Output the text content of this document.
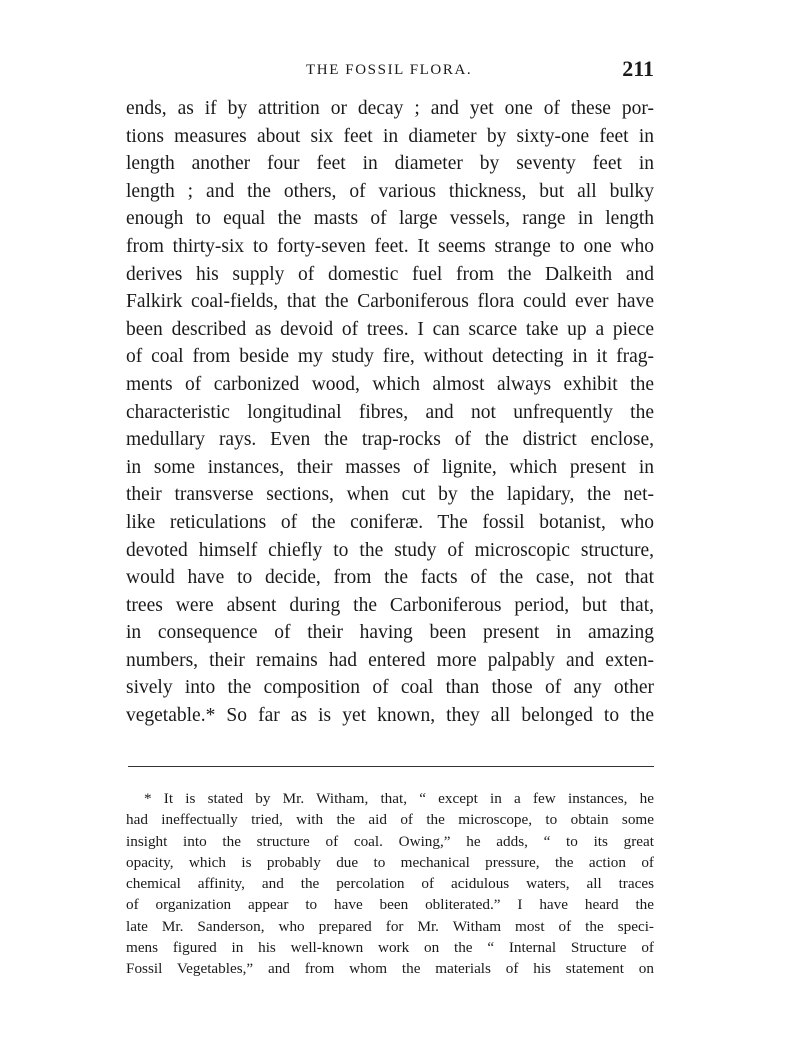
THE FOSSIL FLORA.	211
ends, as if by attrition or decay ; and yet one of these por-
tions measures about six feet in diameter by sixty-one feet in
length another four feet in diameter by seventy feet in
length ; and the others, of various thickness, but all bulky
enough to equal the masts of large vessels, range in length
from thirty-six to forty-seven feet. It seems strange to one who
derives his supply of domestic fuel from the Dalkeith and
Falkirk coal-fields, that the Carboniferous flora could ever have
been described as devoid of trees. I can scarce take up a piece
of coal from beside my study fire, without detecting in it frag-
ments of carbonized wood, which almost always exhibit the
characteristic longitudinal fibres, and not unfrequently the
medullary rays. Even the trap-rocks of the district enclose,
in some instances, their masses of lignite, which present in
their transverse sections, when cut by the lapidary, the net-
like reticulations of the coniferæ. The fossil botanist, who
devoted himself chiefly to the study of microscopic structure,
would have to decide, from the facts of the case, not that
trees were absent during the Carboniferous period, but that,
in consequence of their having been present in amazing
numbers, their remains had entered more palpably and exten-
sively into the composition of coal than those of any other
vegetable.* So far as is yet known, they all belonged to the
* It is stated by Mr. Witham, that, “ except in a few instances, he
had ineffectually tried, with the aid of the microscope, to obtain some
insight into the structure of coal. Owing,” he adds, “ to its great
opacity, which is probably due to mechanical pressure, the action of
chemical affinity, and the percolation of acidulous waters, all traces
of organization appear to have been obliterated.” I have heard the
late Mr. Sanderson, who prepared for Mr. Witham most of the speci-
mens figured in his well-known work on the “ Internal Structure of
Fossil Vegetables,” and from whom the materials of his statement on
